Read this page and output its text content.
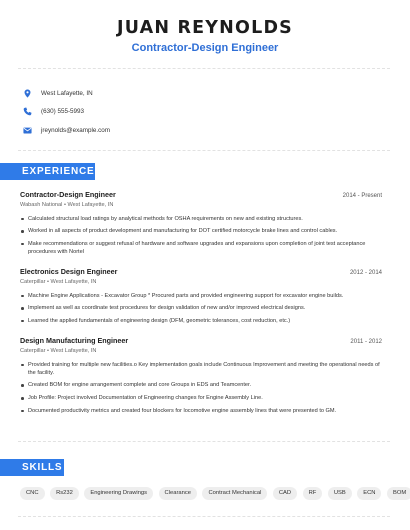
JUAN REYNOLDS
Contractor-Design Engineer
West Lafayette, IN
(630) 555-5993
jreynolds@example.com
EXPERIENCE
Contractor-Design Engineer	2014 - Present
Wabash National • West Lafayette, IN
Calculated structural load ratings by analytical methods for OSHA requirements on new and existing structures.
Worked in all aspects of product development and manufacturing for DOT certified motorcycle brake lines and control cables.
Make recommendations or suggest refusal of hardware and software upgrades and expansions upon completion of joint test acceptance procedures with Nortel
Electronics Design Engineer	2012 - 2014
Caterpillar • West Lafayette, IN
Machine Engine Applications - Excavator Group * Procured parts and provided engineering support for excavator engine builds.
Implement as well as coordinate test procedures for design validation of new and/or improved electrical designs.
Learned the applied fundamentals of engineering design (DFM, geometric tolerances, cost reduction, etc.)
Design Manufacturing Engineer	2011 - 2012
Caterpillar • West Lafayette, IN
Provided training for multiple new facilities.o Key implementation goals include Continuous Improvement and meeting the operational needs of the facility.
Created BOM for engine arrangement complete and core Groups in EDS and Teamcenter.
Job Profile: Project involved Documentation of Engineering changes for Engine Assembly Line.
Documented productivity metrics and created four blockers for locomotive engine assembly lines that were presented to GM.
SKILLS
CNC	Rs232	Engineering Drawings	Clearance	Contract Mechanical	CAD	RF	USB	ECN	BOM
